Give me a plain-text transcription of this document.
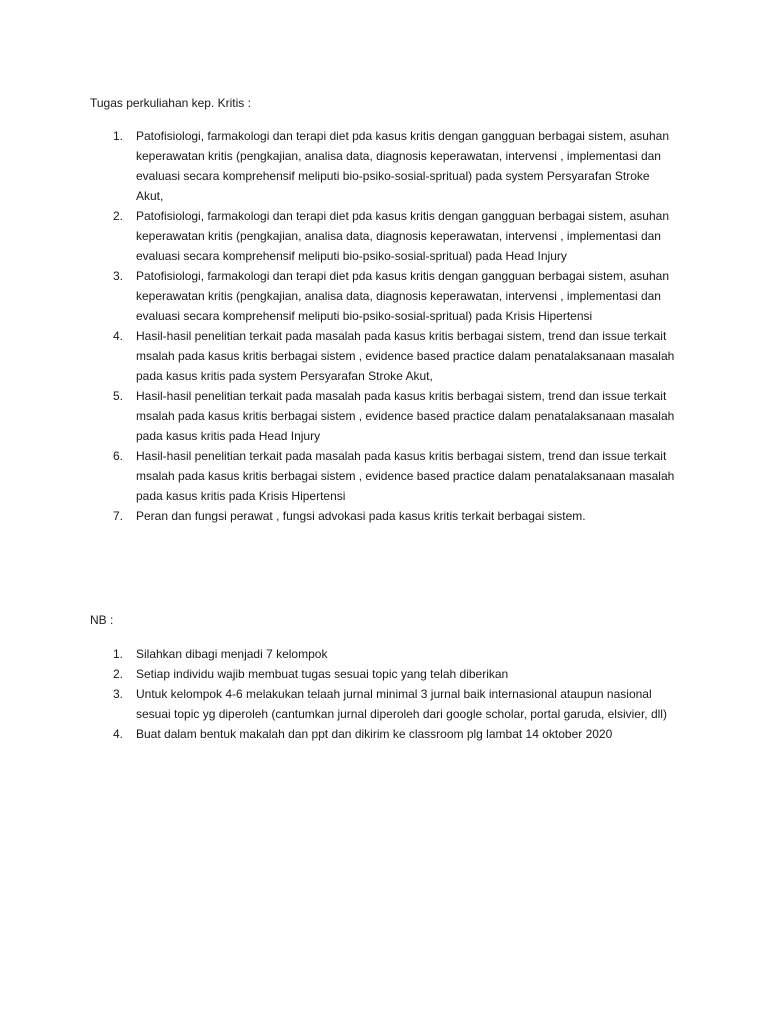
Tugas perkuliahan kep. Kritis :
1. Patofisiologi, farmakologi dan terapi diet pda kasus kritis dengan gangguan berbagai sistem, asuhan keperawatan kritis (pengkajian, analisa data, diagnosis keperawatan, intervensi , implementasi dan evaluasi secara komprehensif meliputi bio-psiko-sosial-spritual) pada system Persyarafan Stroke Akut,
2. Patofisiologi, farmakologi dan terapi diet pda kasus kritis dengan gangguan berbagai sistem, asuhan keperawatan kritis (pengkajian, analisa data, diagnosis keperawatan, intervensi , implementasi dan evaluasi secara komprehensif meliputi bio-psiko-sosial-spritual) pada Head Injury
3. Patofisiologi, farmakologi dan terapi diet pda kasus kritis dengan gangguan berbagai sistem, asuhan keperawatan kritis (pengkajian, analisa data, diagnosis keperawatan, intervensi , implementasi dan evaluasi secara komprehensif meliputi bio-psiko-sosial-spritual) pada Krisis Hipertensi
4. Hasil-hasil penelitian terkait pada masalah pada kasus kritis berbagai sistem, trend dan issue terkait msalah pada kasus kritis berbagai sistem , evidence based practice dalam penatalaksanaan masalah pada kasus kritis pada system Persyarafan Stroke Akut,
5. Hasil-hasil penelitian terkait pada masalah pada kasus kritis berbagai sistem, trend dan issue terkait msalah pada kasus kritis berbagai sistem , evidence based practice dalam penatalaksanaan masalah pada kasus kritis pada Head Injury
6. Hasil-hasil penelitian terkait pada masalah pada kasus kritis berbagai sistem, trend dan issue terkait msalah pada kasus kritis berbagai sistem , evidence based practice dalam penatalaksanaan masalah pada kasus kritis pada Krisis Hipertensi
7. Peran dan fungsi perawat , fungsi advokasi pada kasus kritis terkait berbagai sistem.

NB :

1. Silahkan dibagi menjadi 7 kelompok
2. Setiap individu wajib membuat tugas sesuai topic yang telah diberikan
3. Untuk kelompok 4-6 melakukan telaah jurnal minimal 3 jurnal baik internasional ataupun nasional sesuai topic yg diperoleh (cantumkan jurnal diperoleh dari google scholar, portal garuda, elsivier, dll)
4. Buat dalam bentuk makalah dan ppt dan dikirim ke classroom plg lambat 14 oktober 2020
